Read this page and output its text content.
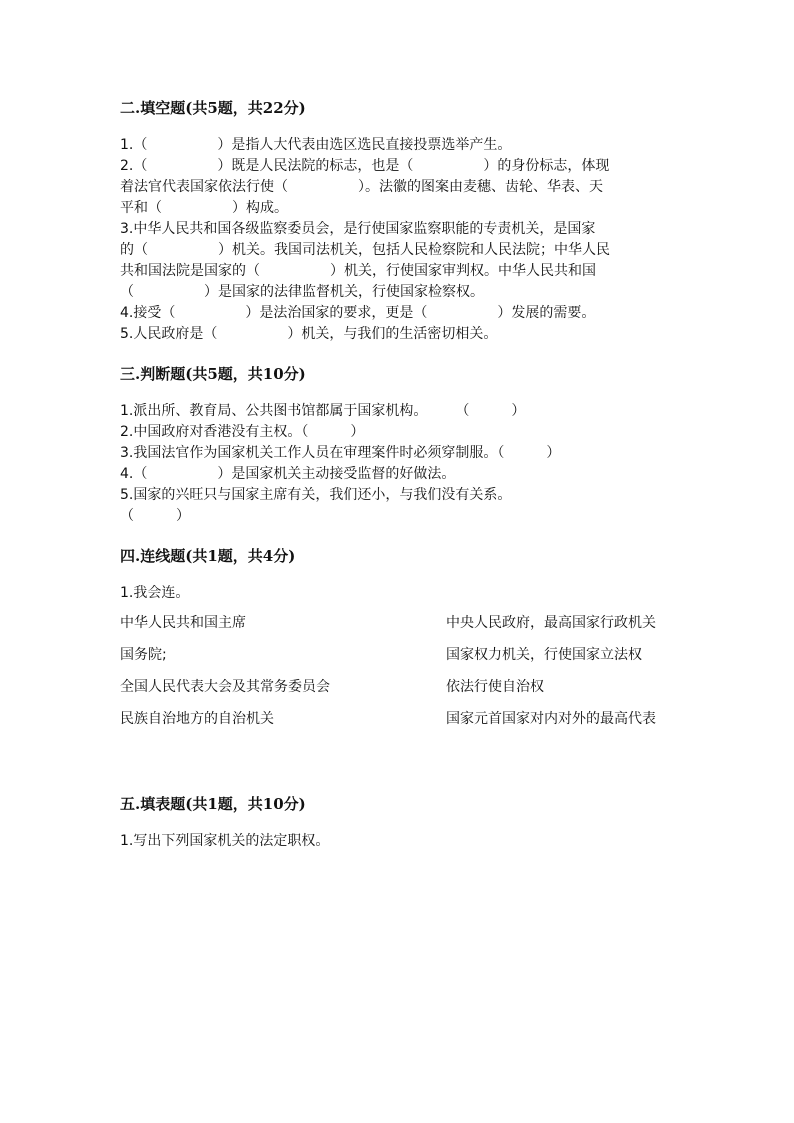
二.填空题(共5题，共22分)
1.（　　　　　）是指人大代表由选区选民直接投票选举产生。
2.（　　　　　）既是人民法院的标志，也是（　　　　　）的身份标志，体现
着法官代表国家依法行使（　　　　　）。法徽的图案由麦穗、齿轮、华表、天
平和（　　　　　）构成。
3.中华人民共和国各级监察委员会，是行使国家监察职能的专责机关，是国家
的（　　　　　）机关。我国司法机关，包括人民检察院和人民法院；中华人民
共和国法院是国家的（　　　　　）机关，行使国家审判权。中华人民共和国
（　　　　　）是国家的法律监督机关，行使国家检察权。
4.接受（　　　　　）是法治国家的要求，更是（　　　　　）发展的需要。
5.人民政府是（　　　　　）机关，与我们的生活密切相关。
三.判断题(共5题，共10分)
1.派出所、教育局、公共图书馆都属于国家机构。　　　（　　　）
2.中国政府对香港没有主权。（　　　）
3.我国法官作为国家机关工作人员在审理案件时必须穿制服。（　　　）
4.（　　　　　）是国家机关主动接受监督的好做法。
5.国家的兴旺只与国家主席有关，我们还小，与我们没有关系。
（　　　）
四.连线题(共1题，共4分)
1.我会连。
中华人民共和国主席	中央人民政府，最高国家行政机关
国务院;	国家权力机关，行使国家立法权
全国人民代表大会及其常务委员会	依法行使自治权
民族自治地方的自治机关	国家元首国家对内对外的最高代表
五.填表题(共1题，共10分)
1.写出下列国家机关的法定职权。
